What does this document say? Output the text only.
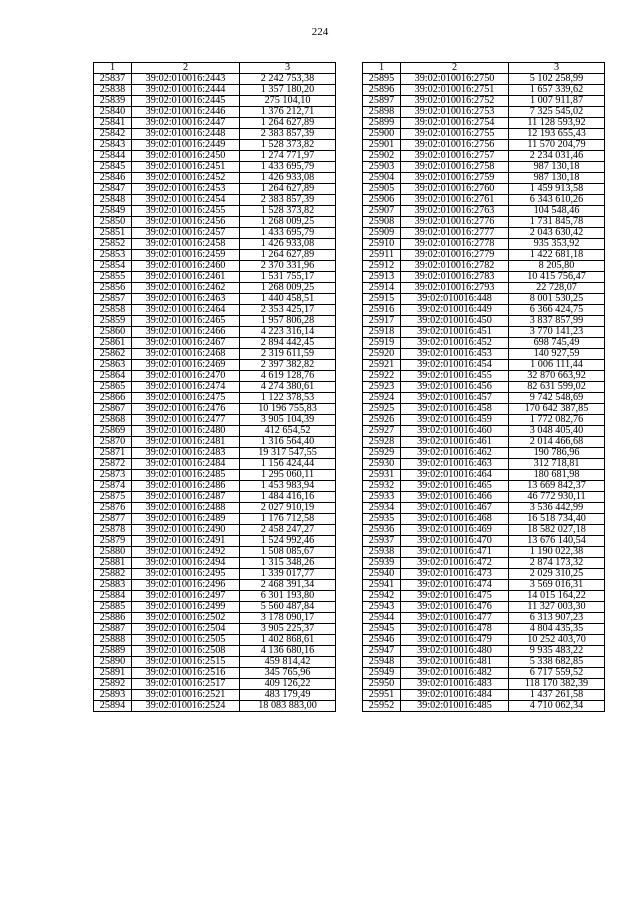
224
1	2	3
25837	39:02:010016:2443	2 242 753,38
25838	39:02:010016:2444	1 357 180,20
25839	39:02:010016:2445	275 104,10
25840	39:02:010016:2446	1 376 212,71
25841	39:02:010016:2447	1 264 627,89
25842	39:02:010016:2448	2 383 857,39
25843	39:02:010016:2449	1 528 373,82
25844	39:02:010016:2450	1 274 771,97
25845	39:02:010016:2451	1 433 695,79
25846	39:02:010016:2452	1 426 933,08
25847	39:02:010016:2453	1 264 627,89
25848	39:02:010016:2454	2 383 857,39
25849	39:02:010016:2455	1 528 373,82
25850	39:02:010016:2456	1 268 009,25
25851	39:02:010016:2457	1 433 695,79
25852	39:02:010016:2458	1 426 933,08
25853	39:02:010016:2459	1 264 627,89
25854	39:02:010016:2460	2 370 331,96
25855	39:02:010016:2461	1 531 755,17
25856	39:02:010016:2462	1 268 009,25
25857	39:02:010016:2463	1 440 458,51
25858	39:02:010016:2464	2 353 425,17
25859	39:02:010016:2465	1 957 806,28
25860	39:02:010016:2466	4 223 316,14
25861	39:02:010016:2467	2 894 442,45
25862	39:02:010016:2468	2 319 611,59
25863	39:02:010016:2469	2 397 382,82
25864	39:02:010016:2470	4 619 128,76
25865	39:02:010016:2474	4 274 380,61
25866	39:02:010016:2475	1 122 378,53
25867	39:02:010016:2476	10 196 755,83
25868	39:02:010016:2477	3 905 104,39
25869	39:02:010016:2480	412 654,52
25870	39:02:010016:2481	1 316 564,40
25871	39:02:010016:2483	19 317 547,55
25872	39:02:010016:2484	1 156 424,44
25873	39:02:010016:2485	1 295 060,11
25874	39:02:010016:2486	1 453 983,94
25875	39:02:010016:2487	1 484 416,16
25876	39:02:010016:2488	2 027 910,19
25877	39:02:010016:2489	1 176 712,58
25878	39:02:010016:2490	2 458 247,27
25879	39:02:010016:2491	1 524 992,46
25880	39:02:010016:2492	1 508 085,67
25881	39:02:010016:2494	1 315 348,26
25882	39:02:010016:2495	1 339 017,77
25883	39:02:010016:2496	2 468 391,34
25884	39:02:010016:2497	6 301 193,80
25885	39:02:010016:2499	5 560 487,84
25886	39:02:010016:2502	3 178 090,17
25887	39:02:010016:2504	3 905 225,37
25888	39:02:010016:2505	1 402 868,61
25889	39:02:010016:2508	4 136 680,16
25890	39:02:010016:2515	459 814,42
25891	39:02:010016:2516	345 765,96
25892	39:02:010016:2517	409 126,22
25893	39:02:010016:2521	483 179,49
25894	39:02:010016:2524	18 083 883,00
1	2	3
25895	39:02:010016:2750	5 102 258,99
25896	39:02:010016:2751	1 657 339,62
25897	39:02:010016:2752	1 007 911,87
25898	39:02:010016:2753	7 325 545,02
25899	39:02:010016:2754	11 128 593,92
25900	39:02:010016:2755	12 193 655,43
25901	39:02:010016:2756	11 570 204,79
25902	39:02:010016:2757	2 234 031,46
25903	39:02:010016:2758	987 130,18
25904	39:02:010016:2759	987 130,18
25905	39:02:010016:2760	1 459 913,58
25906	39:02:010016:2761	6 343 610,26
25907	39:02:010016:2763	104 548,46
25908	39:02:010016:2776	1 731 845,78
25909	39:02:010016:2777	2 043 630,42
25910	39:02:010016:2778	935 353,92
25911	39:02:010016:2779	1 422 681,18
25912	39:02:010016:2782	8 205,80
25913	39:02:010016:2783	10 415 756,47
25914	39:02:010016:2793	22 728,07
25915	39:02:010016:448	8 001 530,25
25916	39:02:010016:449	6 366 424,75
25917	39:02:010016:450	3 837 857,99
25918	39:02:010016:451	3 770 141,23
25919	39:02:010016:452	698 745,49
25920	39:02:010016:453	140 927,59
25921	39:02:010016:454	1 006 111,44
25922	39:02:010016:455	32 870 663,92
25923	39:02:010016:456	82 631 599,02
25924	39:02:010016:457	9 742 548,69
25925	39:02:010016:458	170 642 387,85
25926	39:02:010016:459	1 772 082,76
25927	39:02:010016:460	3 048 405,40
25928	39:02:010016:461	2 014 466,68
25929	39:02:010016:462	190 786,96
25930	39:02:010016:463	312 718,81
25931	39:02:010016:464	180 681,98
25932	39:02:010016:465	13 669 842,37
25933	39:02:010016:466	46 772 930,11
25934	39:02:010016:467	3 536 442,99
25935	39:02:010016:468	16 518 734,40
25936	39:02:010016:469	18 582 027,18
25937	39:02:010016:470	13 676 140,54
25938	39:02:010016:471	1 190 022,38
25939	39:02:010016:472	2 874 173,32
25940	39:02:010016:473	2 029 310,25
25941	39:02:010016:474	3 569 016,31
25942	39:02:010016:475	14 015 164,22
25943	39:02:010016:476	11 327 003,30
25944	39:02:010016:477	6 313 907,23
25945	39:02:010016:478	4 804 435,35
25946	39:02:010016:479	10 252 403,70
25947	39:02:010016:480	9 935 483,22
25948	39:02:010016:481	5 338 682,85
25949	39:02:010016:482	6 717 559,52
25950	39:02:010016:483	118 170 382,39
25951	39:02:010016:484	1 437 261,58
25952	39:02:010016:485	4 710 062,34
